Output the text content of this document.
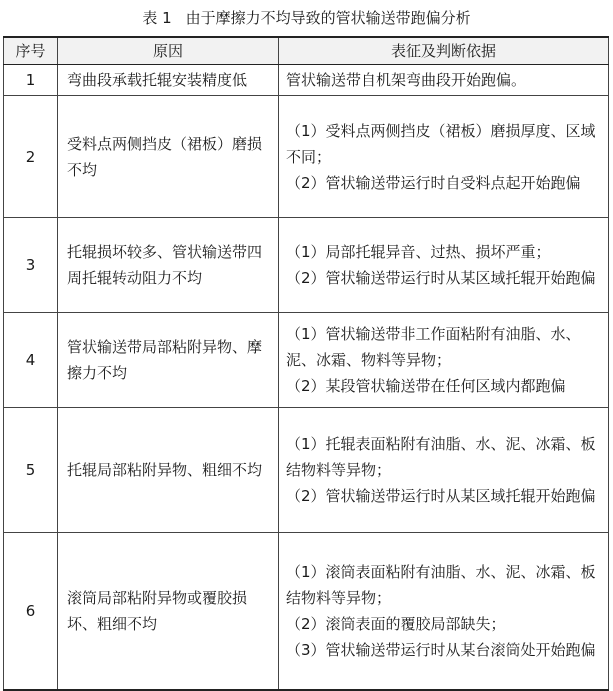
表 1 由于摩擦力不均导致的管状输送带跑偏分析
序号	原因	表征及判断依据
1	弯曲段承载托辊安装精度低	管状输送带自机架弯曲段开始跑偏。

2	受料点两侧挡皮（裙板）磨损不均	（1）受料点两侧挡皮（裙板）磨损厚度、区域不同；
（2）管状输送带运行时自受料点起开始跑偏

3	托辊损坏较多、管状输送带四周托辊转动阻力不均	（1）局部托辊异音、过热、损坏严重；
（2）管状输送带运行时从某区域托辊开始跑偏

4	管状输送带局部粘附异物、摩擦力不均	（1）管状输送带非工作面粘附有油脂、水、泥、冰霜、物料等异物；
（2）某段管状输送带在任何区域内都跑偏

5	托辊局部粘附异物、粗细不均	（1）托辊表面粘附有油脂、水、泥、冰霜、板结物料等异物；
（2）管状输送带运行时从某区域托辊开始跑偏

6	滚筒局部粘附异物或覆胶损坏、粗细不均	（1）滚筒表面粘附有油脂、水、泥、冰霜、板结物料等异物；
（2）滚筒表面的覆胶局部缺失；
（3）管状输送带运行时从某台滚筒处开始跑偏
